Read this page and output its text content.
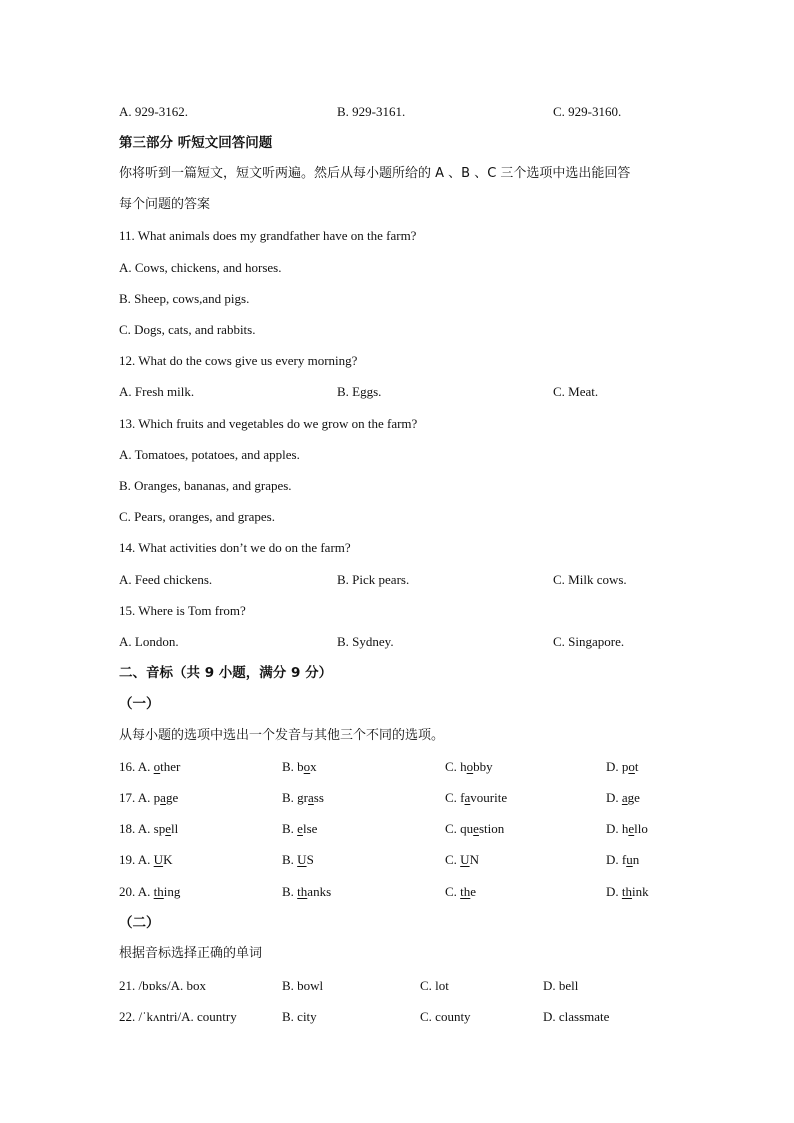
A. 929-3162.	B. 929-3161.	C. 929-3160.
第三部分 听短文回答问题
你将听到一篇短文，短文听两遍。然后从每小题所给的 A 、B 、C 三个选项中选出能回答
每个问题的答案
11. What animals does my grandfather have on the farm?
A. Cows, chickens, and horses.
B. Sheep, cows,and pigs.
C. Dogs, cats, and rabbits.
12. What do the cows give us every morning?
A. Fresh milk.	B. Eggs.	C. Meat.
13. Which fruits and vegetables do we grow on the farm?
A. Tomatoes, potatoes, and apples.
B. Oranges, bananas, and grapes.
C. Pears, oranges, and grapes.
14. What activities don’t we do on the farm?
A. Feed chickens.	B. Pick pears.	C. Milk cows.
15. Where is Tom from?
A. London.	B. Sydney.	C. Singapore.
二、音标（共 9 小题，满分 9 分）
（一）
从每小题的选项中选出一个发音与其他三个不同的选项。
16. A. other	B. box	C. hobby	D. pot
17. A. page	B. grass	C. favourite	D. age
18. A. spell	B. else	C. question	D. hello
19. A. UK	B. US	C. UN	D. fun
20. A. thing	B. thanks	C. the	D. think
（二）
根据音标选择正确的单词
21. /bɒks/A. box	B. bowl	C. lot	D. bell
22. /ˈkʌntri/A. country	B. city	C. county	D. classmate
